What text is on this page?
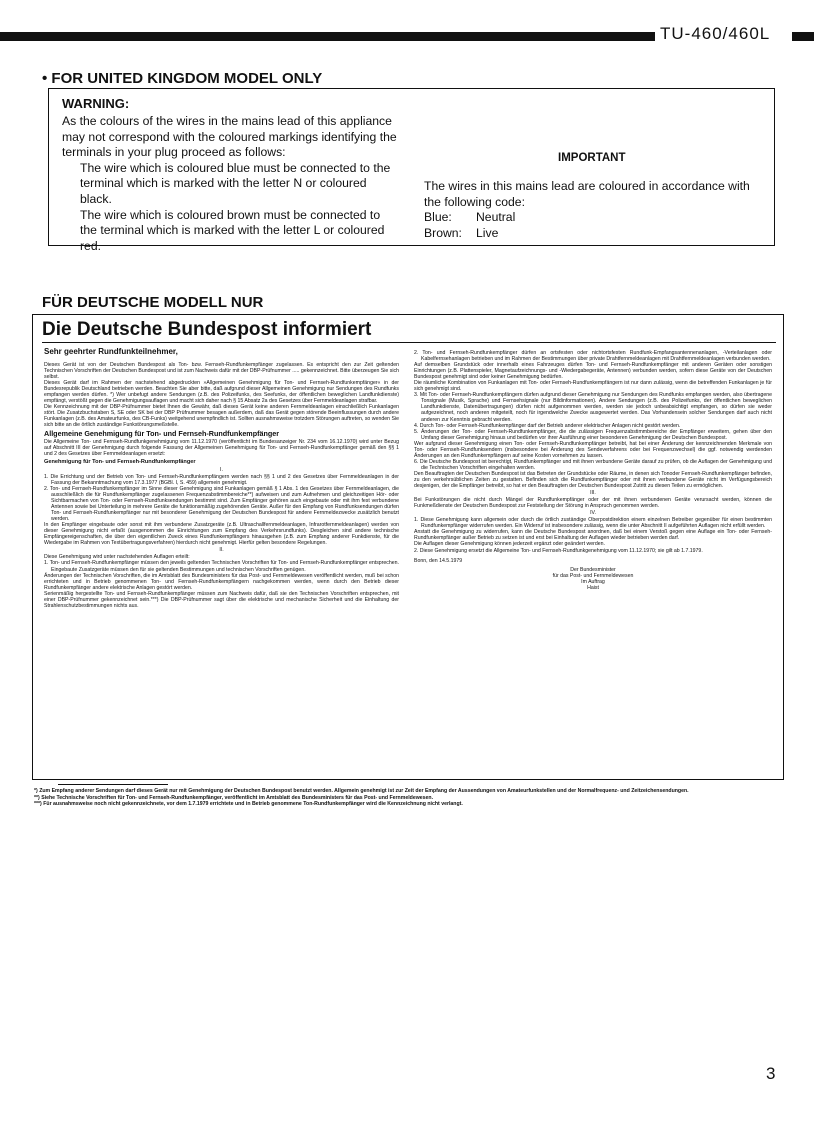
TU-460/460L
• FOR UNITED KINGDOM MODEL ONLY
WARNING:

As the colours of the wires in the mains lead of this appliance may not correspond with the coloured markings identifying the terminals in your plug proceed as follows:

The wire which is coloured blue must be connected to the terminal which is marked with the letter N or coloured black.

The wire which is coloured brown must be connected to the terminal which is marked with the letter L or coloured red.

IMPORTANT

The wires in this mains lead are coloured in accordance with the following code:

Blue:	Neutral
Brown:	Live
FÜR DEUTSCHE MODELL NUR
Die Deutsche Bundespost informiert
Sehr geehrter Rundfunkteilnehmer,

Dieses Gerät ist von der Deutschen Bundespost als Ton- bzw. Fernseh-Rundfunkempfänger zugelassen. Es entspricht den zur Zeit geltenden Technischen Vorschriften der Deutschen Bundespost und ist zum Nachweis dafür mit der DBP-Prüfnummer ..... gekennzeichnet. Bitte überzeugen Sie sich selbst.

Dieses Gerät darf im Rahmen der nachstehend abgedruckten »Allgemeinen Genehmigung für Ton- und Fernseh-Rundfunkempfänger« in der Bundesrepublik Deutschland betrieben werden. Beachten Sie aber bitte, daß aufgrund dieser Allgemeinen Genehmigung nur Sendungen des Rundfunks empfangen werden dürfen. *) Wer unbefugt andere Sendungen (z.B. des Polizeifunks, des Seefunks, der öffentlichen beweglichen Landfunkdienste) empfängt, verstößt gegen die Genehmigungsauflagen und macht sich daher nach § 15 Absatz 2a des Gesetzes über Fernmeldeanlagen strafbar.

Die Kennzeichnung mit der DBP-Prüfnummer bietet Ihnen die Gewähr, daß dieses Gerät keine anderen Fernmeldeanlagen einschließlich Funkanlagen stört. Die Zusatzbuchstaben S, SE oder SK bei der DBP Prüfnummer besagen außerdem, daß das Gerät gegen störende Beeinflussungen durch andere Funkanlagen (z.B. des Amateurfunks, des CB-Funks) weitgehend unempfindlich ist. Sollten ausnahmsweise trotzdem Störungen auftreten, so wenden Sie sich bitte an die örtlich zuständige Funkstörungsmeßstelle.

Allgemeine Genehmigung für Ton- und Fernseh-Rundfunkempfänger

Die Allgemeine Ton- und Fernseh-Rundfunkgenehmigung vom 11.12.1970 (veröffentlicht im Bundesanzeiger Nr. 234 vom 16.12.1970) wird unter Bezug auf Abschnitt III der Genehmigung durch folgende Fassung der Allgemeinen Genehmigung für Ton- und Fernseh-Rundfunkempfänger gemäß den §§ 1 und 2 des Gesetzes über Fernmeldeanlagen ersetzt:

Genehmigung für Ton- und Fernseh-Rundfunkempfänger

I.

1. Die Errichtung und der Betrieb von Ton- und Fernseh-Rundfunkempfängern werden nach §§ 1 und 2 des Gesetzes über Fernmeldeanlagen in der Fassung der Bekanntmachung vom 17.3.1977 (BGBl. I, S. 459) allgemein genehmigt.

2. Ton- und Fernseh-Rundfunkempfänger im Sinne dieser Genehmigung sind Funkanlagen gemäß § 1 Abs. 1 des Gesetzes über Fernmeldeanlagen, die ausschließlich die für Rundfunkempfänger zugelassenen Frequenzabstimmbereiche**) aufweisen und zum Aufnehmen und gleichzeitigen Hör- oder Sichtbarmachen von Ton- oder Fernseh-Rundfunksendungen bestimmt sind. Zum Empfänger gehören auch eingebaute oder mit ihm fest verbundene Antennen sowie bei Unterteilung in mehrere Geräte die funktionsmäßig zugehörenden Geräte. Außer für den Empfang von Rundfunksendungen dürfen Ton- und Fernseh-Rundfunkempfänger nur mit besonderer Genehmigung der Deutschen Bundespost für andere Fernmeldezwecke zusätzlich benutzt werden.

In den Empfänger eingebaute oder sonst mit ihm verbundene Zusatzgeräte (z.B. Ultraschallfernmeldeanlagen, Infrarotfernmeldeanlagen) werden von dieser Genehmigung nicht erfaßt (ausgenommen die Einrichtungen zum Empfang des Verkehrsrundfunks). Desgleichen sind andere technische Empfängereigenschaften, die über den eigentlichen Zweck eines Rundfunkempfängers hinausgehen (z.B. zum Empfang anderer Funkdienste, für die Wiedergabe im Rahmen von Textübertragungsverfahren) hierdurch nicht genehmigt. Hierfür gelten besondere Regelungen.

II.

Diese Genehmigung wird unter nachstehenden Auflagen erteilt:

1. Ton- und Fernseh-Rundfunkempfänger müssen den jeweils geltenden Technischen Vorschriften für Ton- und Fernseh-Rundfunkempfänger entsprechen. Eingebaute Zusatzgeräte müssen den für sie geltenden Bestimmungen und technischen Vorschriften genügen.

Änderungen der Technischen Vorschriften, die im Amtsblatt des Bundesministers für das Post- und Fernmeldewesen veröffentlicht werden, muß bei schon errichteten und in Betrieb genommenen Ton- und Fernseh-Rundfunkempfängern nachgekommen werden, wenn durch den Betrieb dieser Rundfunkempfänger andere elektrische Anlagen gestört werden.

Serienmäßig hergestellte Ton- und Fernseh-Rundfunkempfänger müssen zum Nachweis dafür, daß sie den Technischen Vorschriften entsprechen, mit einer DBP-Prüfnummer gekennzeichnet sein.***) Die DBP-Prüfnummer sagt über die elektrische und mechanische Sicherheit und die Einhaltung der Strahlenschutzbestimmungen nichts aus.

2. Ton- und Fernseh-Rundfunkempfänger dürfen an ortsfesten oder nichtortsfesten Rundfunk-Empfangsantennenanlagen, -Verteilanlagen oder Kabelfernsehanlagen betrieben und im Rahmen der Bestimmungen über private Drahtfernmeldeanlagen mit Drahtfernmeldeanlagen verbunden werden.

Auf demselben Grundstück oder innerhalb eines Fahrzeuges dürfen Ton- und Fernseh-Rundfunkempfänger mit anderen Geräten oder sonstigen Einrichtungen (z.B. Plattenspieler, Magnetaufzeichnungs- und -Wiedergabegeräte, Antennen) verbunden werden, sofern diese Geräte von der Deutschen Bundespost genehmigt sind oder keiner Genehmigung bedürfen.

Die räumliche Kombination von Funkanlagen mit Ton- oder Fernseh-Rundfunkempfängern ist nur dann zulässig, wenn die betreffenden Funkanlagen je für sich genehmigt sind.

3. Mit Ton- oder Fernseh-Rundfunkempfängern dürfen aufgrund dieser Genehmigung nur Sendungen des Rundfunks empfangen werden, also übertragene Tonsignale (Musik, Sprache) und Fernsehsignale (nur Bildinformationen). Andere Sendungen (z.B. des Polizeifunks, der öffentlichen beweglichen Landfunkdienste, Datenübertragungen) dürfen nicht aufgenommen werden, werden sie jedoch unbeabsichtigt empfangen, so dürfen sie weder aufgezeichnet, noch anderen mitgeteilt, noch für irgendwelche Zwecke ausgewertet werden. Das Vorhandensein solcher Sendungen darf auch nicht anderen zur Kenntnis gebracht werden.

4. Durch Ton- oder Fernseh-Rundfunkempfänger darf der Betrieb anderer elektrischer Anlagen nicht gestört werden.

5. Änderungen der Ton- oder Fernseh-Rundfunkempfänger, die die zulässigen Frequenzabstimmbereiche der Empfänger erweitern, gehen über den Umfang dieser Genehmigung hinaus und bedürfen vor ihrer Ausführung einer besonderen Genehmigung der Deutschen Bundespost.

Wer aufgrund dieser Genehmigung einen Ton- oder Fernseh-Rundfunkempfänger betreibt, hat bei einer Änderung der kennzeichnenden Merkmale von Ton- oder Fernseh-Rundfunksendern (insbesondere bei Änderung des Sendeverfahrens oder bei Frequenzwechsel) die ggf. notwendig werdenden Änderungen an den Rundfunkempfängern auf seine Kosten vornehmen zu lassen.

6. Die Deutsche Bundespost ist berechtigt, Rundfunkempfänger und mit ihnen verbundene Geräte darauf zu prüfen, ob die Auflagen der Genehmigung und die Technischen Vorschriften eingehalten werden.

Den Beauftragten der Deutschen Bundespost ist das Betreten der Grundstücke oder Räume, in denen sich Tonoder Fernseh-Rundfunkempfänger befinden, zu den verkehrsüblichen Zeiten zu gestatten. Befinden sich die Rundfunkempfänger oder mit ihnen verbundene Geräte nicht im Verfügungsbereich desjenigen, der die Empfänger betreibt, so hat er den Beauftragten der Deutschen Bundespost Zutritt zu diesen Teilen zu ermöglichen.

III.

Bei Funkstörungen die nicht durch Mängel der Rundfunkempfänger oder der mit ihnen verbundenen Geräte verursacht werden, können die Funkmeßdienste der Deutschen Bundespost zur Feststellung der Störung in Anspruch genommen werden.

IV.

1. Diese Genehmigung kann allgemein oder durch die örtlich zuständige Oberpostdirektion einem einzelnen Betreiber gegenüber für einen bestimmten Rundfunkempfänger widerrufen werden. Ein Widerruf ist insbesondere zulässig, wenn die unter Abschnitt II aufgeführten Auflagen nicht erfüllt werden.

Anstatt die Genehmigung zu widerrufen, kann die Deutsche Bundespost anordnen, daß bei einem Verstoß gegen eine Auflage ein Ton- oder Fernseh-Rundfunkempfänger außer Betrieb zu setzen ist und erst bei Einhaltung der Auflagen wieder betrieben werden darf.

Die Auflagen dieser Genehmigung können jederzeit ergänzt oder geändert werden.

2. Diese Genehmigung ersetzt die Allgemeine Ton- und Fernseh-Rundfunkgenehmigung vom 11.12.1970; sie gilt ab 1.7.1979.

Bonn, den 14.5.1979

Der Bundesminister
für das Post- und Fernmeldewesen
Im Auftrag
Haist

*) Zum Empfang anderer Sendungen darf dieses Gerät nur mit Genehmigung der Deutschen Bundespost benutzt werden. Allgemein genehmigt ist zur Zeit der Empfang der Aussendungen von Amateurfunkstellen und der Normalfrequenz- und Zeitzeichensendungen.

**) Siehe Technische Vorschriften für Ton- und Fernseh-Rundfunkempfänger, veröffentlicht im Amtsblatt des Bundesministers für das Post- und Fernmeldewesen.

***) Für ausnahmsweise noch nicht gekennzeichnete, vor dem 1.7.1979 errichtete und in Betrieb genommene Ton-Rundfunkempfänger wird die Kennzeichnung nicht verlangt.

3
